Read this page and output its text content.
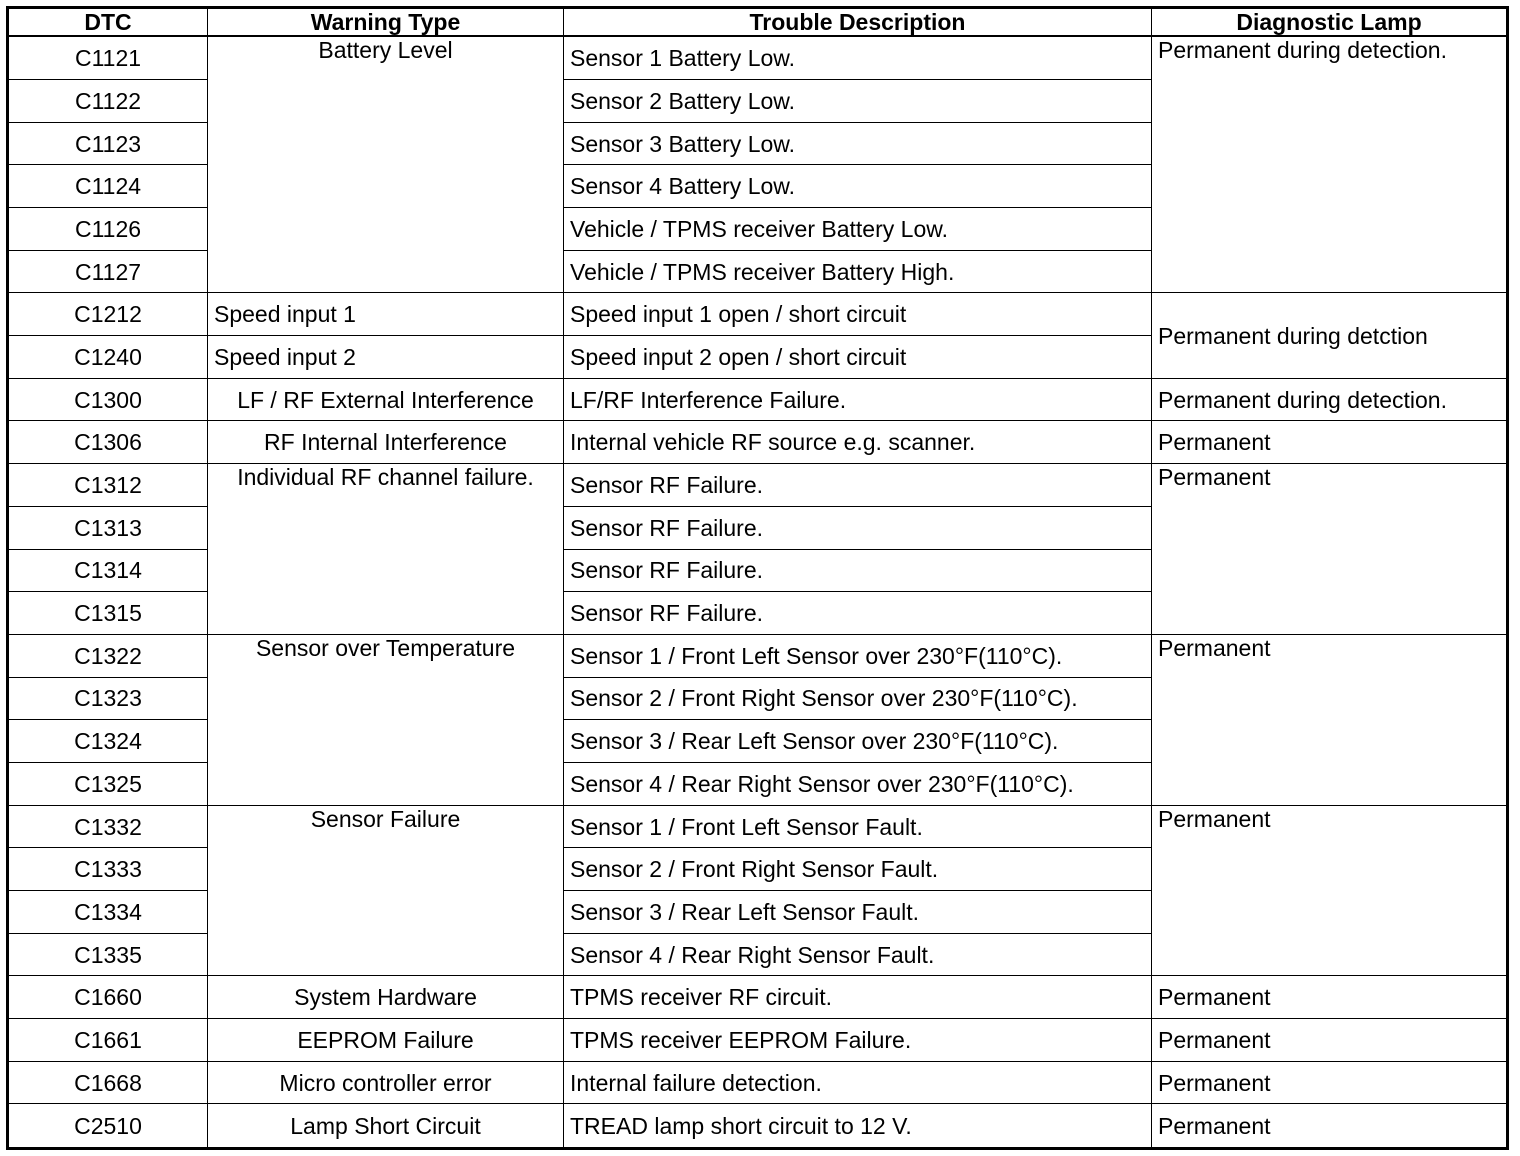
DTC	Warning Type	Trouble Description	Diagnostic Lamp
C1121	Battery Level	Sensor 1 Battery Low.	Permanent during detection.
C1122		Sensor 2 Battery Low.	
C1123		Sensor 3 Battery Low.	
C1124		Sensor 4 Battery Low.	
C1126		Vehicle / TPMS receiver Battery Low.	
C1127		Vehicle / TPMS receiver Battery High.	
C1212	Speed input 1	Speed input 1 open / short circuit	Permanent during detction
C1240	Speed input 2	Speed input 2 open / short circuit	
C1300	LF / RF External Interference	LF/RF Interference Failure.	Permanent during detection.
C1306	RF Internal Interference	Internal vehicle RF source e.g. scanner.	Permanent
C1312	Individual RF channel failure.	Sensor RF Failure.	Permanent
C1313		Sensor RF Failure.	
C1314		Sensor RF Failure.	
C1315		Sensor RF Failure.	
C1322	Sensor over Temperature	Sensor 1 / Front Left Sensor over 230°F(110°C).	Permanent
C1323		Sensor 2 / Front Right Sensor over 230°F(110°C).	
C1324		Sensor 3 / Rear Left Sensor over 230°F(110°C).	
C1325		Sensor 4 / Rear Right Sensor over 230°F(110°C).	
C1332	Sensor Failure	Sensor 1 / Front Left Sensor Fault.	Permanent
C1333		Sensor 2 / Front Right Sensor Fault.	
C1334		Sensor 3 / Rear Left Sensor Fault.	
C1335		Sensor 4 / Rear Right Sensor Fault.	
C1660	System Hardware	TPMS receiver RF circuit.	Permanent
C1661	EEPROM Failure	TPMS receiver EEPROM Failure.	Permanent
C1668	Micro controller error	Internal failure detection.	Permanent
C2510	Lamp Short Circuit	TREAD lamp short circuit to 12 V.	Permanent
